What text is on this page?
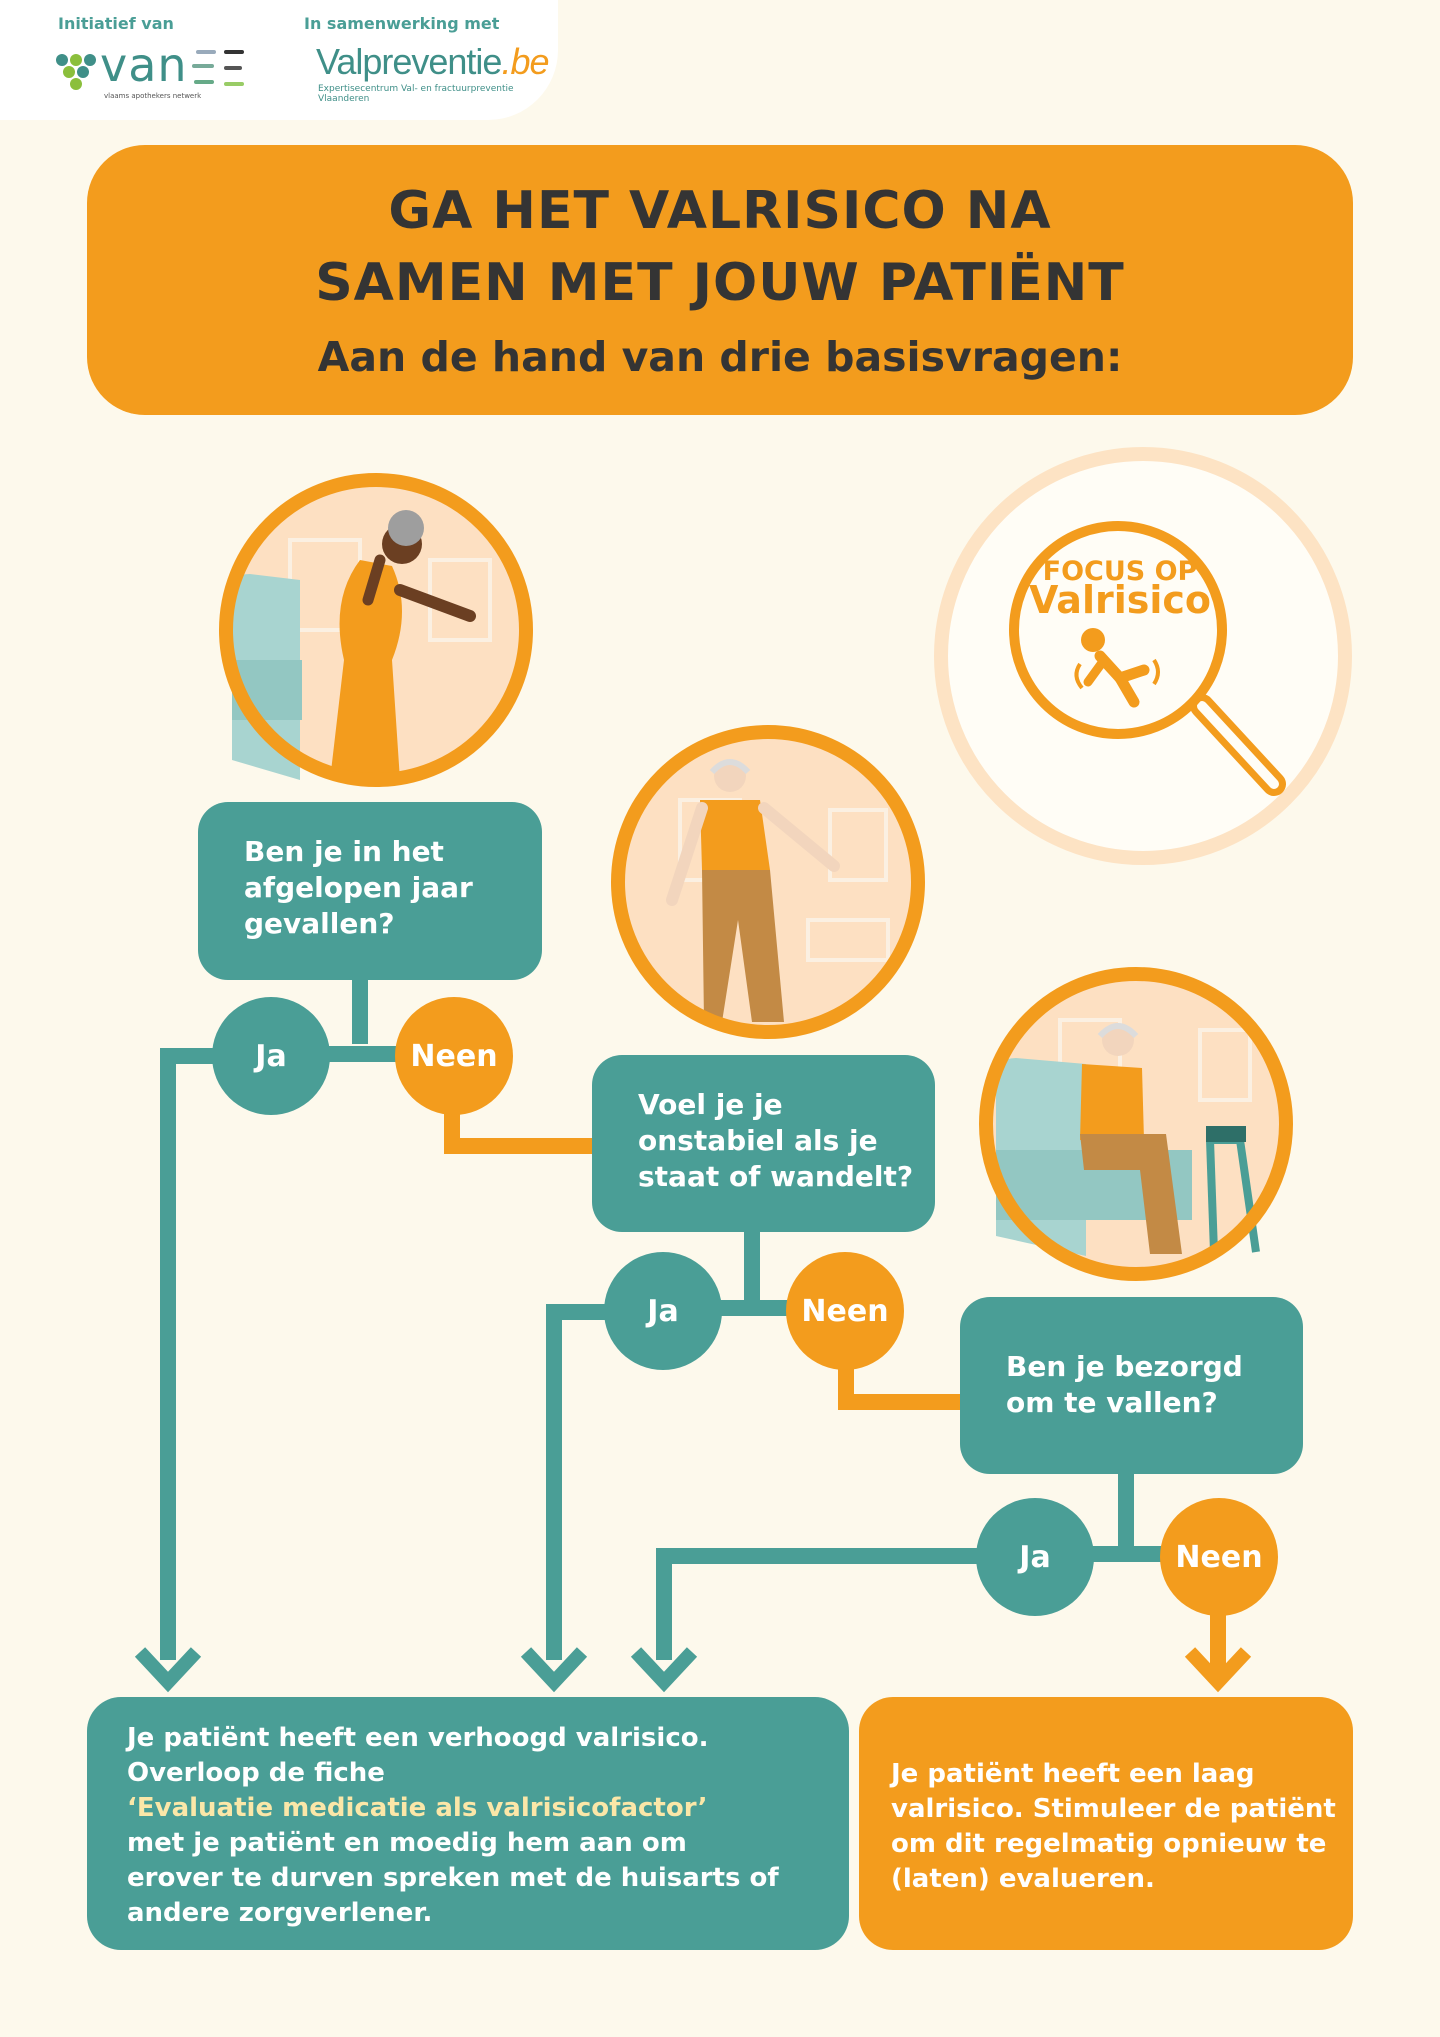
Initiatief van	In samenwerking met
van
vlaams apothekers netwerk
Valpreventie.be
Expertisecentrum Val- en fractuurpreventie Vlaanderen
GA HET VALRISICO NA
SAMEN MET JOUW PATIËNT
Aan de hand van drie basisvragen:
FOCUS OP
Valrisico
Ben je in het
afgelopen jaar
gevallen?
Voel je je
onstabiel als je
staat of wandelt?
Ben je bezorgd
om te vallen?
Ja	Neen
Ja	Neen
Ja	Neen
Je patiënt heeft een verhoogd valrisico.
Overloop de fiche
‘Evaluatie medicatie als valrisicofactor’
met je patiënt en moedig hem aan om
erover te durven spreken met de huisarts of
andere zorgverlener.
Je patiënt heeft een laag
valrisico. Stimuleer de patiënt
om dit regelmatig opnieuw te
(laten) evalueren.
